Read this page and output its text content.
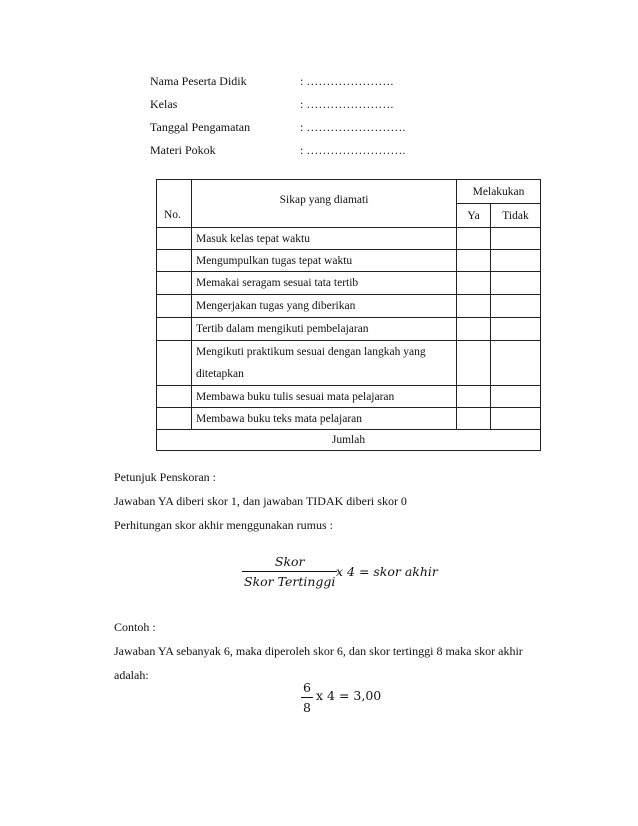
Nama Peserta Didik	: ………………….
Kelas	: ………………….
Tanggal Pengamatan	: …………………….
Materi Pokok	: …………………….
No.	Sikap yang diamati	Melakukan	
		Ya	Tidak
	Masuk kelas tepat waktu		
	Mengumpulkan tugas tepat waktu		
	Memakai seragam sesuai tata tertib		
	Mengerjakan tugas yang diberikan		
	Tertib dalam mengikuti pembelajaran		

	Mengikuti praktikum sesuai dengan langkah yang
ditetapkan		

	Membawa buku tulis sesuai mata pelajaran		
	Membawa buku teks mata pelajaran		
Jumlah			
Petunjuk Penskoran :
Jawaban YA diberi skor 1, dan jawaban TIDAK diberi skor 0
Perhitungan skor akhir menggunakan rumus :
Skor
Skor Tertinggi
x 4 = skor akhir
Contoh :
Jawaban YA sebanyak 6, maka diperoleh skor 6, dan skor tertinggi 8 maka skor akhir
adalah:
$\frac{6}{8}$ x 4 = 3,00
